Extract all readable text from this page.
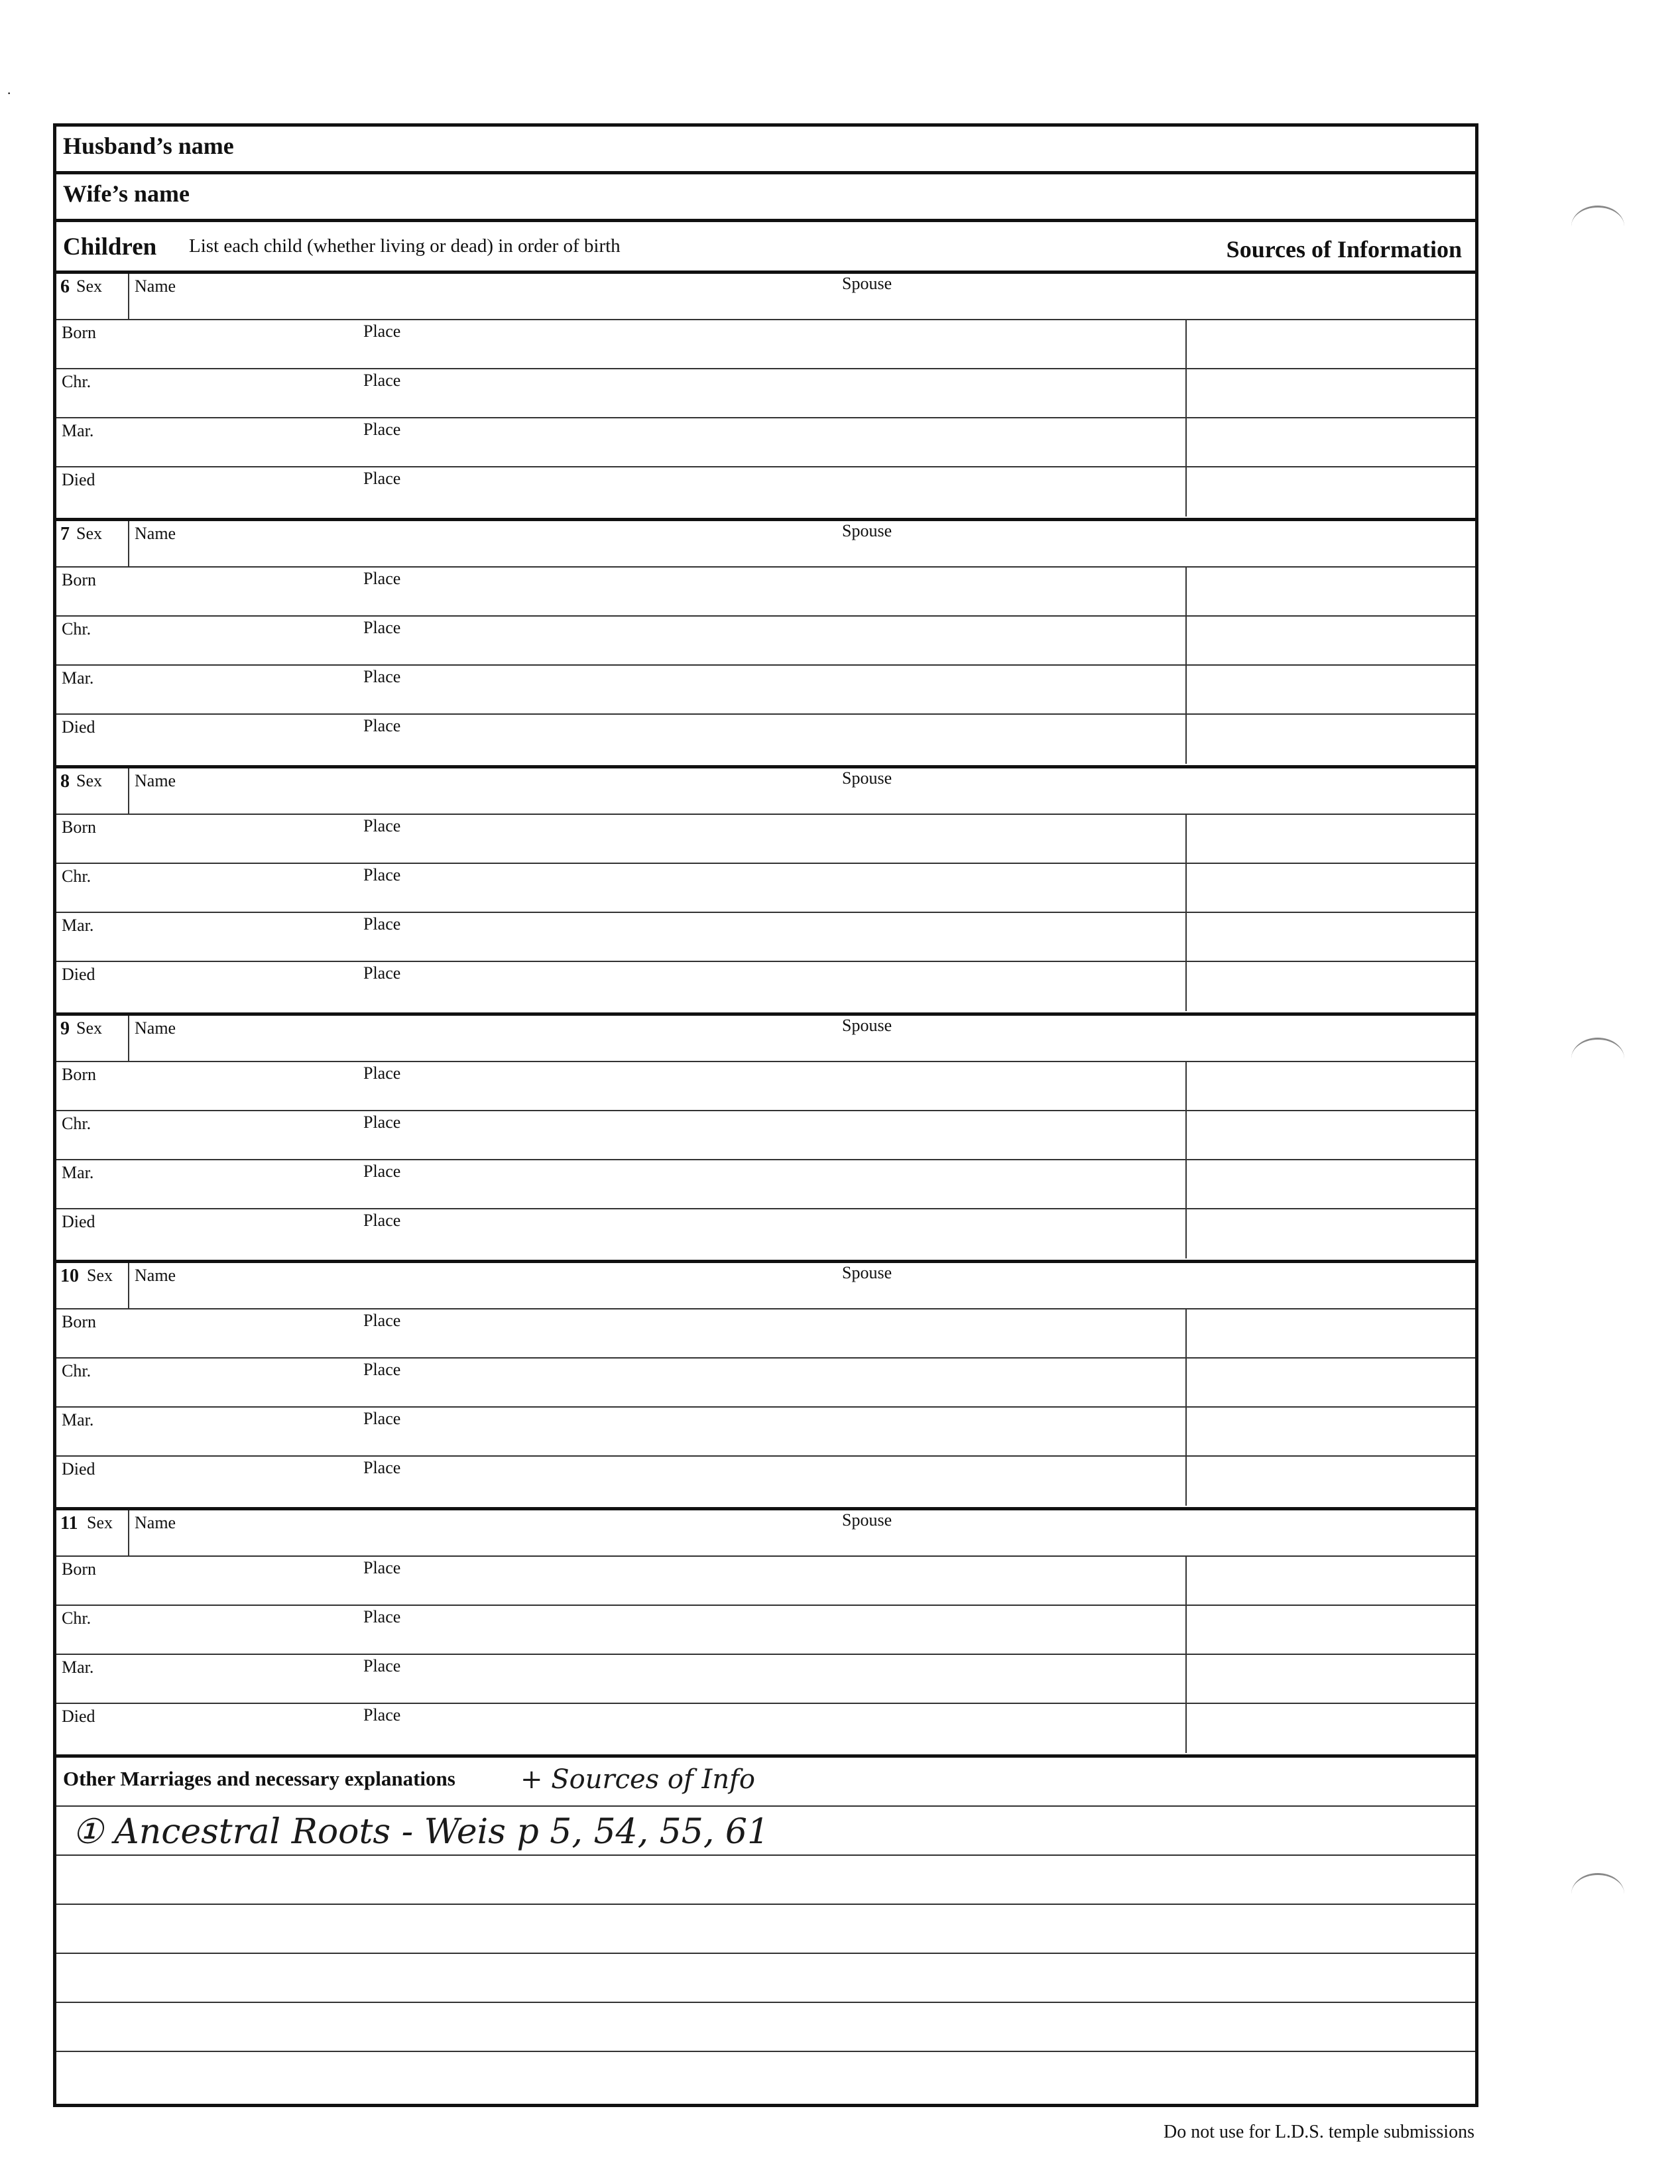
·
Husband’s name
Wife’s name
Children List each child (whether living or dead) in order of birth	Sources of Information
6 Sex Name	Spouse
Born	Place
Chr.	Place
Mar.	Place
Died	Place
7 Sex Name	Spouse
Born	Place
Chr.	Place
Mar.	Place
Died	Place
8 Sex Name	Spouse
Born	Place
Chr.	Place
Mar.	Place
Died	Place
9 Sex Name	Spouse
Born	Place
Chr.	Place
Mar.	Place
Died	Place
10 Sex Name	Spouse
Born	Place
Chr.	Place
Mar.	Place
Died	Place
11 Sex Name	Spouse
Born	Place
Chr.	Place
Mar.	Place
Died	Place
Other Marriages and necessary explanations + Sources of Info
① Ancestral Roots - Weis p 5, 54, 55, 61
Do not use for L.D.S. temple submissions
